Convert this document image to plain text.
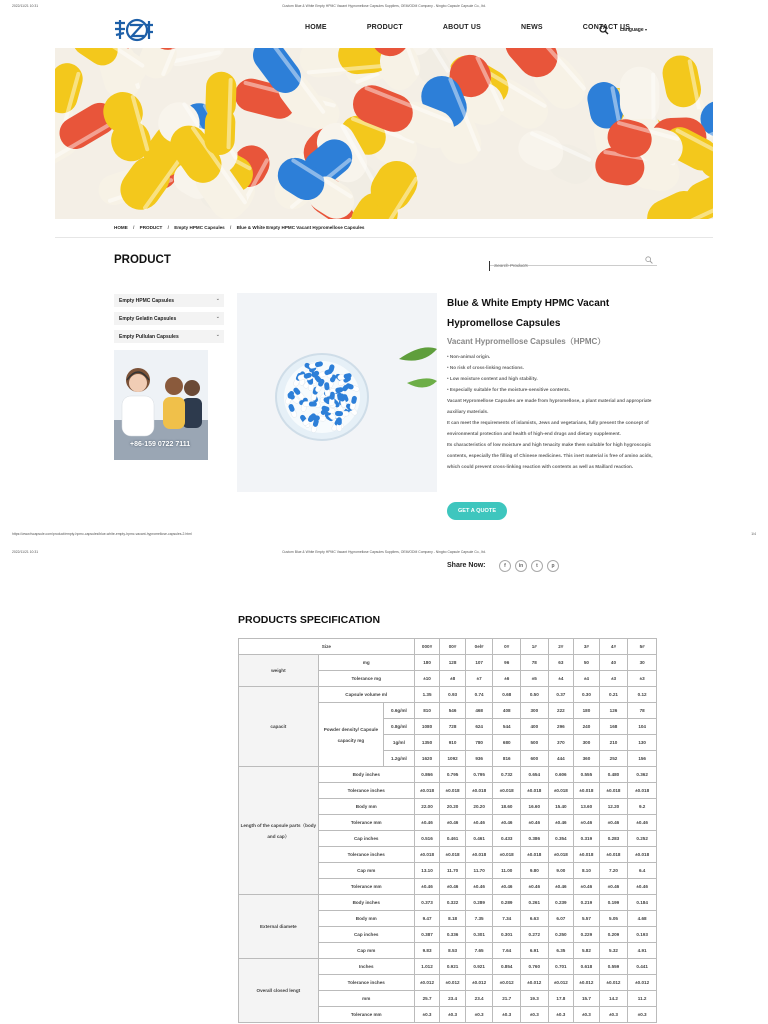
2022/11/21 10:31	Custom Blue & White Empty HPMC Vacant Hypromellose Capsules Suppliers, OEM/ODM Company - Ningbo Capsule Capsule Co., ltd.
HOME	PRODUCT	ABOUT US	NEWS	CONTACT US
Language ▾
HOME / PRODUCT / Empty HPMC Capsules / Blue & White Empty HPMC Vacant Hypromellose Capsules
PRODUCT
Search Products
Empty HPMC Capsules	⌄
Empty Gelatin Capsules	⌄
Empty Pullulan Capsules	⌄
+86-159 0722 7111
Blue & White Empty HPMC Vacant Hypromellose Capsules
Vacant Hypromellose Capsules（HPMC）
• Non-animal origin.
• No risk of cross-linking reactions.
• Low moisture content and high stability.
• Especially suitable for the moisture-sensitive contents.
Vacant Hypromellose Capsules are made from hypromellose, a plant material and appropriate auxiliary materials.
It can meet the requirements of islamists, Jews and vegetarians, fully present the concept of environmental protection and health of high-end drugs and dietary supplement.
Its characteristics of low moisture and high tenacity make them suitable for high hygroscopic contents, especially the filling of Chinese medicines. This inert material is free of amino acids, which could prevent cross-linking reaction with contents as well as Maillard reaction.
GET A QUOTE
https://www.fscapsule.com/product/empty-hpmc-capsules/blue-white-empty-hpmc-vacant-hypromellose-capsules-2.html	1/4
2022/11/21 10:31	Custom Blue & White Empty HPMC Vacant Hypromellose Capsules Suppliers, OEM/ODM Company - Ningbo Capsule Capsule Co., ltd.
Share Now:	f	in	t	p
PRODUCTS SPECIFICATION
Size			000#	00#	0el#	0#	1#	2#	3#	4#	5#
weight	mg		180	128	107	96	78	63	50	40	30
	Tolerance mg		±10	±8	±7	±6	±5	±4	±4	±3	±3
capacit	Capsule volume ml		1.35	0.93	0.74	0.68	0.50	0.37	0.30	0.21	0.12
	Powder density/ Capsule capacity mg	0.6g/ml	810	546	468	408	300	222	180	126	78
		0.8g/ml	1080	728	624	544	400	296	240	168	104
		1g/ml	1350	910	780	680	500	370	300	210	130
		1.2g/ml	1620	1092	936	816	600	444	360	252	156
Length of the capsule parts（body and cap）	Body inches		0.866	0.795	0.795	0.732	0.654	0.606	0.555	0.480	0.362
	Tolerance inches		±0.018	±0.018	±0.018	±0.018	±0.018	±0.018	±0.018	±0.018	±0.018
	Body mm		22.00	20.20	20.20	18.60	16.60	15.40	13.60	12.20	9.2
	Tolerance mm		±0.46	±0.46	±0.46	±0.46	±0.46	±0.46	±0.46	±0.46	±0.46
	Cap inches		0.516	0.461	0.461	0.433	0.386	0.354	0.319	0.283	0.252
	Tolerance inches		±0.018	±0.018	±0.018	±0.018	±0.018	±0.018	±0.018	±0.018	±0.018
	Cap mm		13.10	11.70	11.70	11.00	9.80	9.00	8.10	7.20	6.4
	Tolerance mm		±0.46	±0.46	±0.46	±0.46	±0.46	±0.46	±0.46	±0.46	±0.46
External diamete	Body inches		0.373	0.322	0.289	0.289	0.261	0.239	0.219	0.199	0.184
	Body mm		9.47	8.18	7.35	7.34	6.63	6.07	5.57	5.05	4.68
	Cap inches		0.387	0.336	0.301	0.301	0.272	0.250	0.229	0.209	0.193
	Cap mm		9.83	8.53	7.65	7.64	6.91	6.35	5.82	5.32	4.91
Overall closed lengt	Inches		1.012	0.921	0.921	0.854	0.760	0.701	0.618	0.559	0.441
	Tolerance inches		±0.012	±0.012	±0.012	±0.012	±0.012	±0.012	±0.012	±0.012	±0.012
	mm		25.7	23.4	23.4	21.7	19.3	17.8	15.7	14.2	11.2
	Tolerance mm		±0.3	±0.3	±0.3	±0.3	±0.3	±0.3	±0.3	±0.3	±0.3
